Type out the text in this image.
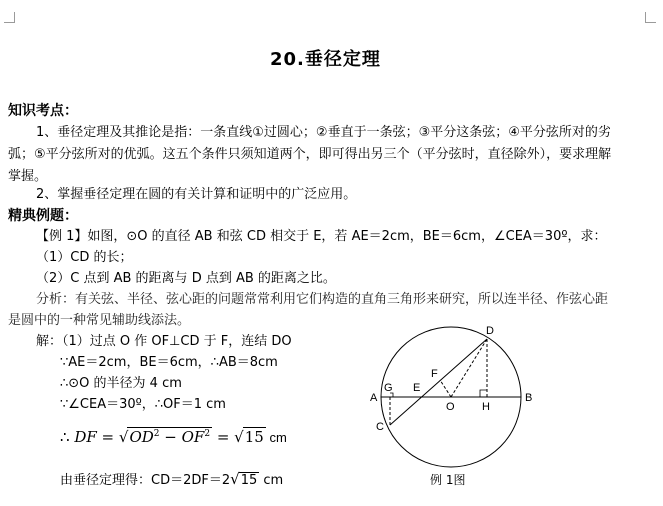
20.垂径定理
知识考点：
1、垂径定理及其推论是指：一条直线①过圆心；②垂直于一条弦；③平分这条弦；④平分弦所对的劣
弧；⑤平分弦所对的优弧。这五个条件只须知道两个，即可得出另三个（平分弦时，直径除外），要求理解
掌握。
2、掌握垂径定理在圆的有关计算和证明中的广泛应用。
精典例题：
【例 1】如图，⊙O 的直径 AB 和弦 CD 相交于 E，若 AE＝2cm，BE＝6cm，∠CEA＝30º，求：
（1）CD 的长；
（2）C 点到 AB 的距离与 D 点到 AB 的距离之比。
分析：有关弦、半径、弦心距的问题常常利用它们构造的直角三角形来研究，所以连半径、作弦心距
是圆中的一种常见辅助线添法。
解：（1）过点 O 作 OF⊥CD 于 F，连结 DO
∵AE＝2cm，BE＝6cm，∴AB＝8cm
∴⊙O 的半径为 4 cm
∵∠CEA＝30º，∴OF＝1 cm
∴ DF = $√OD^2 - OF^2 = √15$ cm
由垂径定理得：CD＝2DF＝2√15 cm
A	B
C
D
E
F
G
O H
例 1图
